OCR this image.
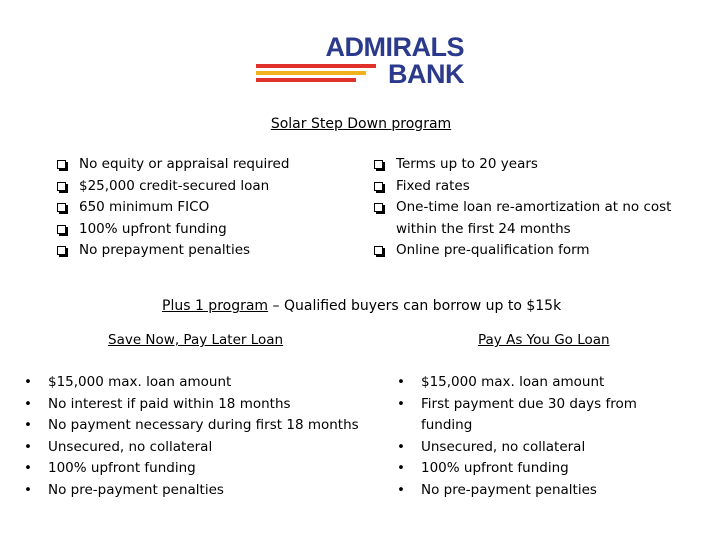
ADMIRALS
BANK
Solar Step Down program
No equity or appraisal required
$25,000 credit-secured loan
650 minimum FICO
100% upfront funding
No prepayment penalties
Terms up to 20 years
Fixed rates
One-time loan re-amortization at no cost within the first 24 months
Online pre-qualification form
Plus 1 program – Qualified buyers can borrow up to $15k
Save Now, Pay Later Loan	Pay As You Go Loan
• $15,000 max. loan amount
• No interest if paid within 18 months
• No payment necessary during first 18 months
• Unsecured, no collateral
• 100% upfront funding
• No pre-payment penalties
• $15,000 max. loan amount
• First payment due 30 days from funding
• Unsecured, no collateral
• 100% upfront funding
• No pre-payment penalties
